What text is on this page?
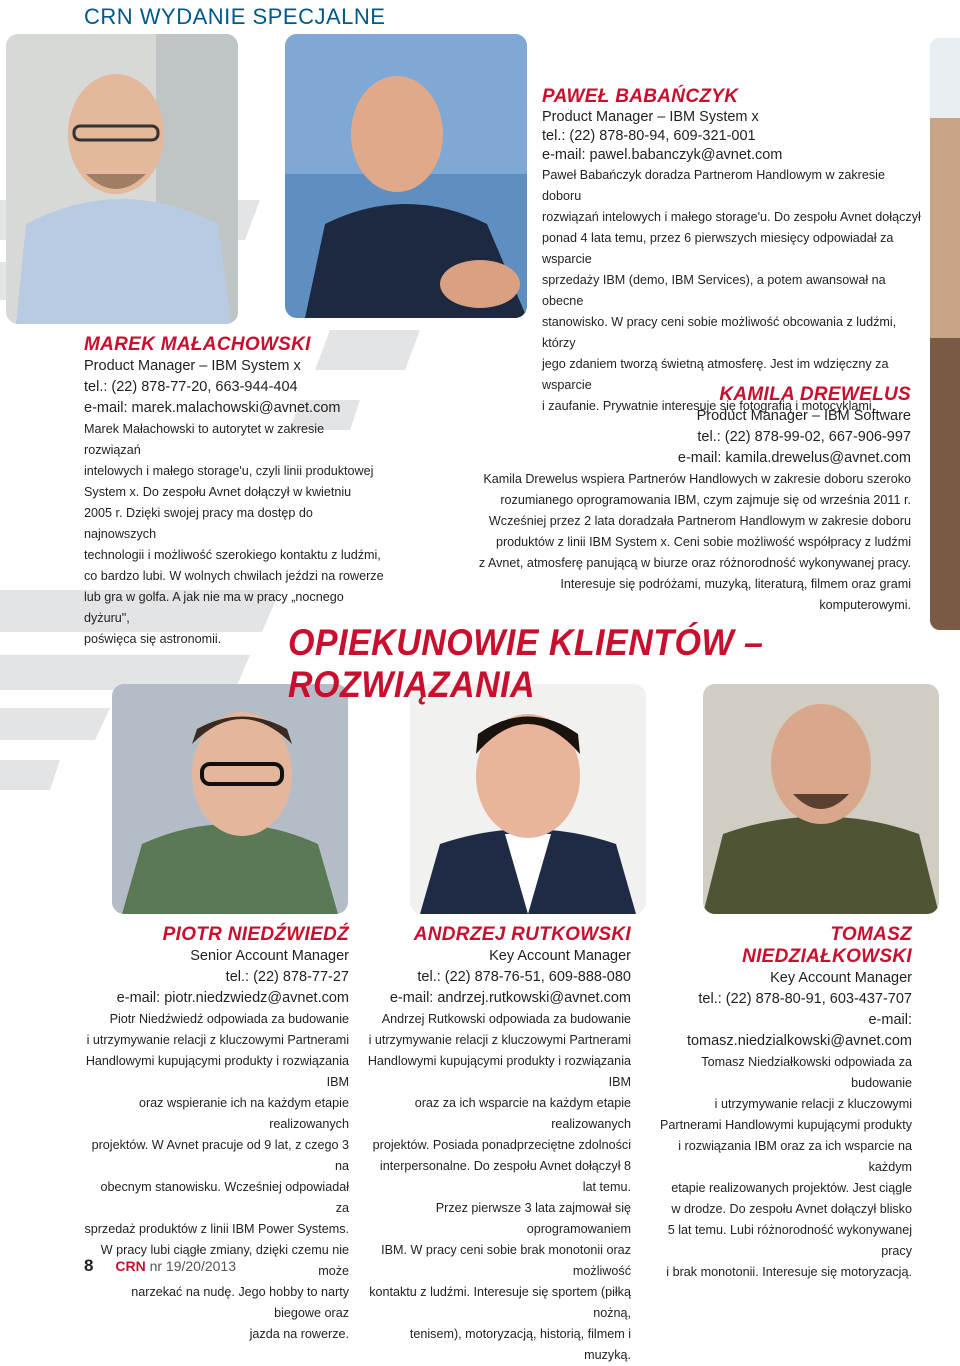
CRN WYDANIE SPECJALNE
MAREK MAŁACHOWSKI
Product Manager – IBM System x
tel.: (22) 878-77-20, 663-944-404
e-mail: marek.malachowski@avnet.com
Marek Małachowski to autorytet w zakresie rozwiązań
intelowych i małego storage'u, czyli linii produktowej
System x. Do zespołu Avnet dołączył w kwietniu
2005 r. Dzięki swojej pracy ma dostęp do najnowszych
technologii i możliwość szerokiego kontaktu z ludźmi,
co bardzo lubi. W wolnych chwilach jeździ na rowerze
lub gra w golfa. A jak nie ma w pracy „nocnego dyżuru",
poświęca się astronomii.
PAWEŁ BABAŃCZYK
Product Manager – IBM System x
tel.: (22) 878-80-94, 609-321-001
e-mail: pawel.babanczyk@avnet.com
Paweł Babańczyk doradza Partnerom Handlowym w zakresie doboru
rozwiązań intelowych i małego storage'u. Do zespołu Avnet dołączył
ponad 4 lata temu, przez 6 pierwszych miesięcy odpowiadał za wsparcie
sprzedaży IBM (demo, IBM Services), a potem awansował na obecne
stanowisko. W pracy ceni sobie możliwość obcowania z ludźmi, którzy
jego zdaniem tworzą świetną atmosferę. Jest im wdzięczny za wsparcie
i zaufanie. Prywatnie interesuje się fotografią i motocyklami.
KAMILA DREWELUS
Product Manager – IBM Software
tel.: (22) 878-99-02, 667-906-997
e-mail: kamila.drewelus@avnet.com
Kamila Drewelus wspiera Partnerów Handlowych w zakresie doboru szeroko
rozumianego oprogramowania IBM, czym zajmuje się od września 2011 r.
Wcześniej przez 2 lata doradzała Partnerom Handlowym w zakresie doboru
produktów z linii IBM System x. Ceni sobie możliwość współpracy z ludźmi
z Avnet, atmosferę panującą w biurze oraz różnorodność wykonywanej pracy.
Interesuje się podróżami, muzyką, literaturą, filmem oraz grami komputerowymi.
OPIEKUNOWIE KLIENTÓW – ROZWIĄZANIA
PIOTR NIEDŹWIEDŹ
Senior Account Manager
tel.: (22) 878-77-27
e-mail: piotr.niedzwiedz@avnet.com
Piotr Niedźwiedź odpowiada za budowanie
i utrzymywanie relacji z kluczowymi Partnerami
Handlowymi kupującymi produkty i rozwiązania IBM
oraz wspieranie ich na każdym etapie realizowanych
projektów. W Avnet pracuje od 9 lat, z czego 3 na
obecnym stanowisku. Wcześniej odpowiadał za
sprzedaż produktów z linii IBM Power Systems.
W pracy lubi ciągłe zmiany, dzięki czemu nie może
narzekać na nudę. Jego hobby to narty biegowe oraz
jazda na rowerze.
ANDRZEJ RUTKOWSKI
Key Account Manager
tel.: (22) 878-76-51, 609-888-080
e-mail: andrzej.rutkowski@avnet.com
Andrzej Rutkowski odpowiada za budowanie
i utrzymywanie relacji z kluczowymi Partnerami
Handlowymi kupującymi produkty i rozwiązania IBM
oraz za ich wsparcie na każdym etapie realizowanych
projektów. Posiada ponadprzeciętne zdolności
interpersonalne. Do zespołu Avnet dołączył 8 lat temu.
Przez pierwsze 3 lata zajmował się oprogramowaniem
IBM. W pracy ceni sobie brak monotonii oraz możliwość
kontaktu z ludźmi. Interesuje się sportem (piłką nożną,
tenisem), motoryzacją, historią, filmem i muzyką.
TOMASZ
NIEDZIAŁKOWSKI
Key Account Manager
tel.: (22) 878-80-91, 603-437-707
e-mail:
tomasz.niedzialkowski@avnet.com
Tomasz Niedziałkowski odpowiada za budowanie
i utrzymywanie relacji z kluczowymi
Partnerami Handlowymi kupującymi produkty
i rozwiązania IBM oraz za ich wsparcie na każdym
etapie realizowanych projektów. Jest ciągle
w drodze. Do zespołu Avnet dołączył blisko
5 lat temu. Lubi różnorodność wykonywanej pracy
i brak monotonii. Interesuje się motoryzacją.
8 CRN nr 19/20/2013
